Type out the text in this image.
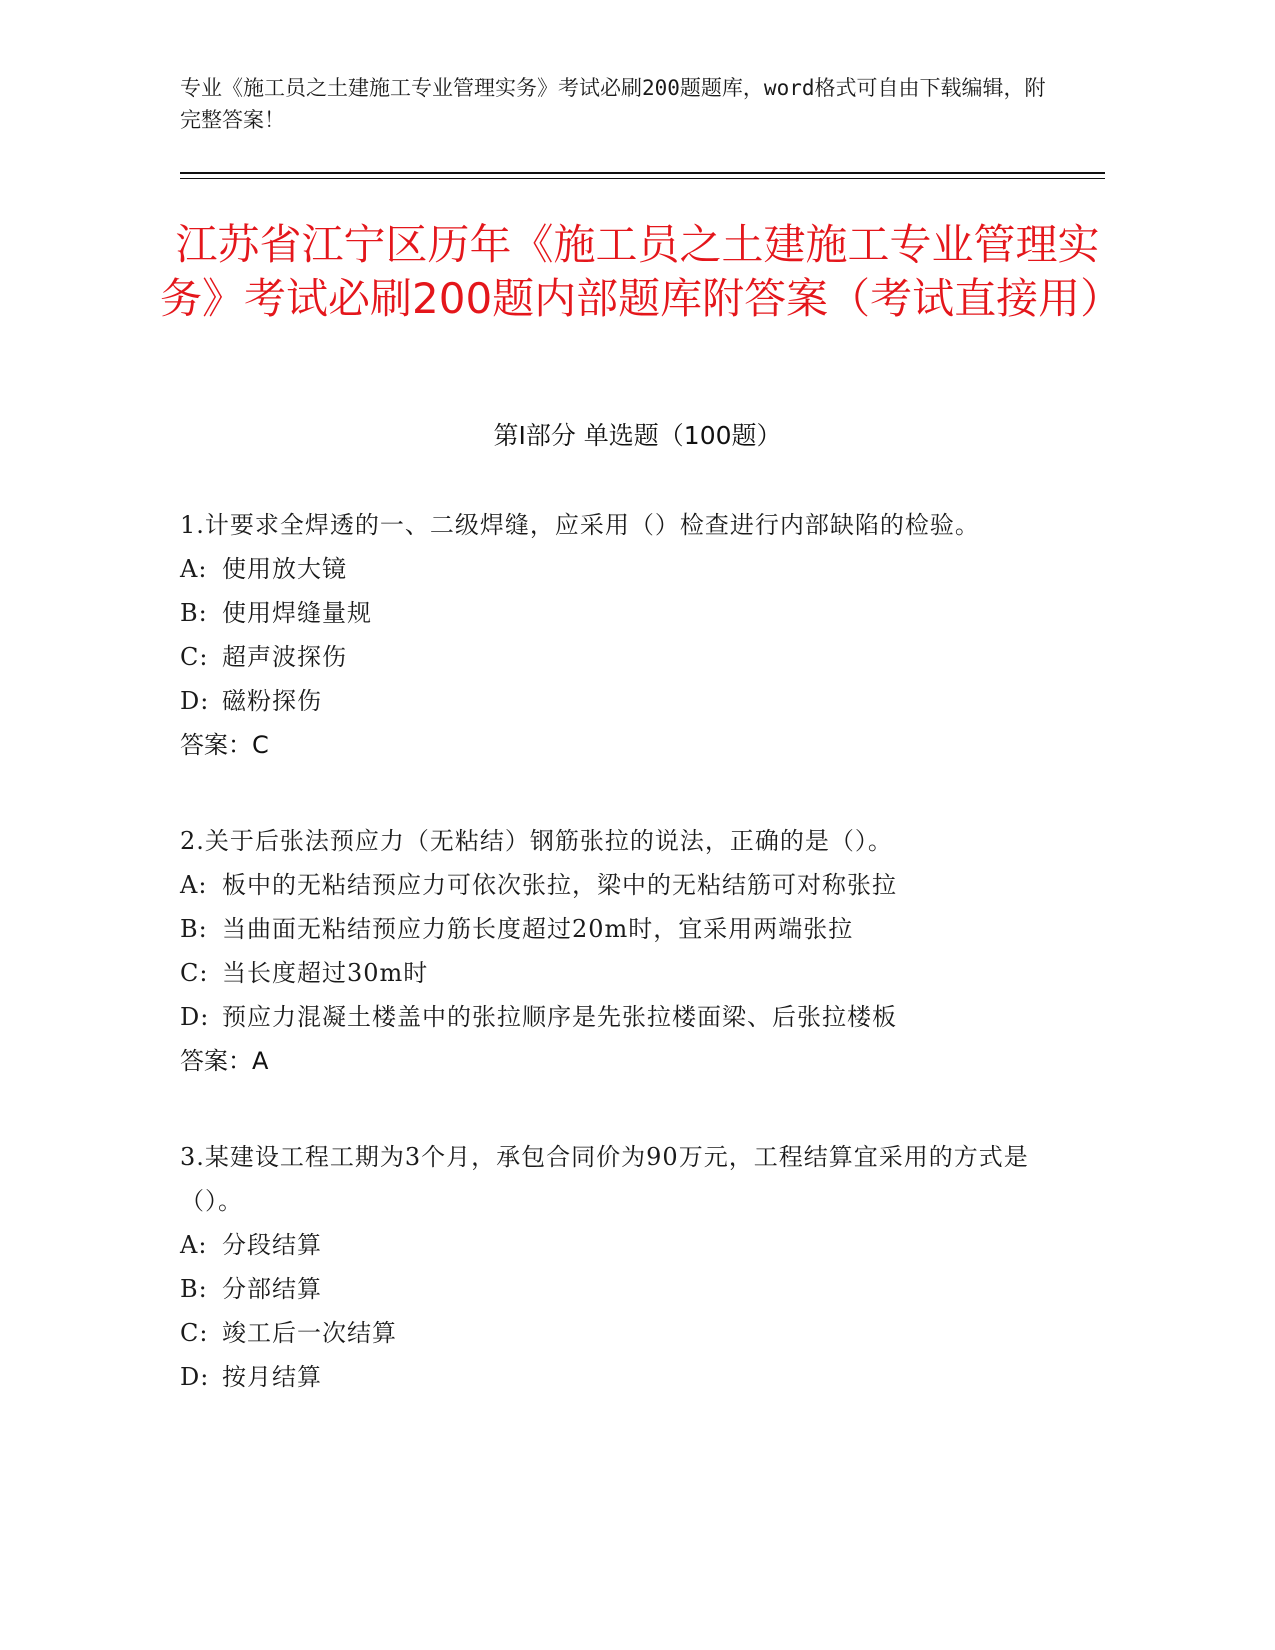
专业《施工员之土建施工专业管理实务》考试必刷200题题库，word格式可自由下载编辑，附完整答案！
江苏省江宁区历年《施工员之土建施工专业管理实务》考试必刷200题内部题库附答案（考试直接用）
第Ⅰ部分 单选题（100题）
1.计要求全焊透的一、二级焊缝，应采用（）检查进行内部缺陷的检验。
A: 使用放大镜
B: 使用焊缝量规
C: 超声波探伤
D: 磁粉探伤
答案：C
2.关于后张法预应力（无粘结）钢筋张拉的说法，正确的是（）。
A: 板中的无粘结预应力可依次张拉，梁中的无粘结筋可对称张拉
B: 当曲面无粘结预应力筋长度超过20m时，宜采用两端张拉
C: 当长度超过30m时
D: 预应力混凝土楼盖中的张拉顺序是先张拉楼面梁、后张拉楼板
答案：A
3.某建设工程工期为3个月，承包合同价为90万元，工程结算宜采用的方式是（）。
A: 分段结算
B: 分部结算
C: 竣工后一次结算
D: 按月结算
